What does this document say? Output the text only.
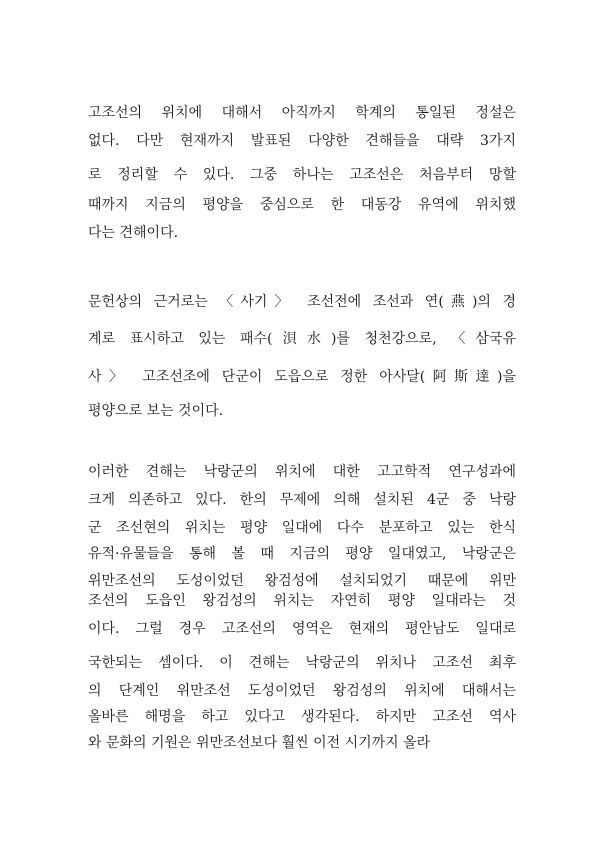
고조선의 위치에 대해서 아직까지 학계의 통일된 정설은
없다. 다만 현재까지 발표된 다양한 견해들을 대략 3가지
로 정리할 수 있다. 그중 하나는 고조선은 처음부터 망할
때까지 지금의 평양을 중심으로 한 대동강 유역에 위치했
다는 견해이다.
문헌상의 근거로는 〈사기〉 조선전에 조선과 연(燕)의 경
계로 표시하고 있는 패수(浿水)를 청천강으로, 〈삼국유
사〉 고조선조에 단군이 도읍으로 정한 아사달(阿斯達)을
평양으로 보는 것이다.
이러한 견해는 낙랑군의 위치에 대한 고고학적 연구성과에
크게 의존하고 있다. 한의 무제에 의해 설치된 4군 중 낙랑
군 조선현의 위치는 평양 일대에 다수 분포하고 있는 한식
유적·유물들을 통해 볼 때 지금의 평양 일대였고, 낙랑군은
위만조선의 도성이었던 왕검성에 설치되었기 때문에 위만
조선의 도읍인 왕검성의 위치는 자연히 평양 일대라는 것
이다. 그럴 경우 고조선의 영역은 현재의 평안남도 일대로
국한되는 셈이다. 이 견해는 낙랑군의 위치나 고조선 최후
의 단계인 위만조선 도성이었던 왕검성의 위치에 대해서는
올바른 해명을 하고 있다고 생각된다. 하지만 고조선 역사
와 문화의 기원은 위만조선보다 훨씬 이전 시기까지 올라
